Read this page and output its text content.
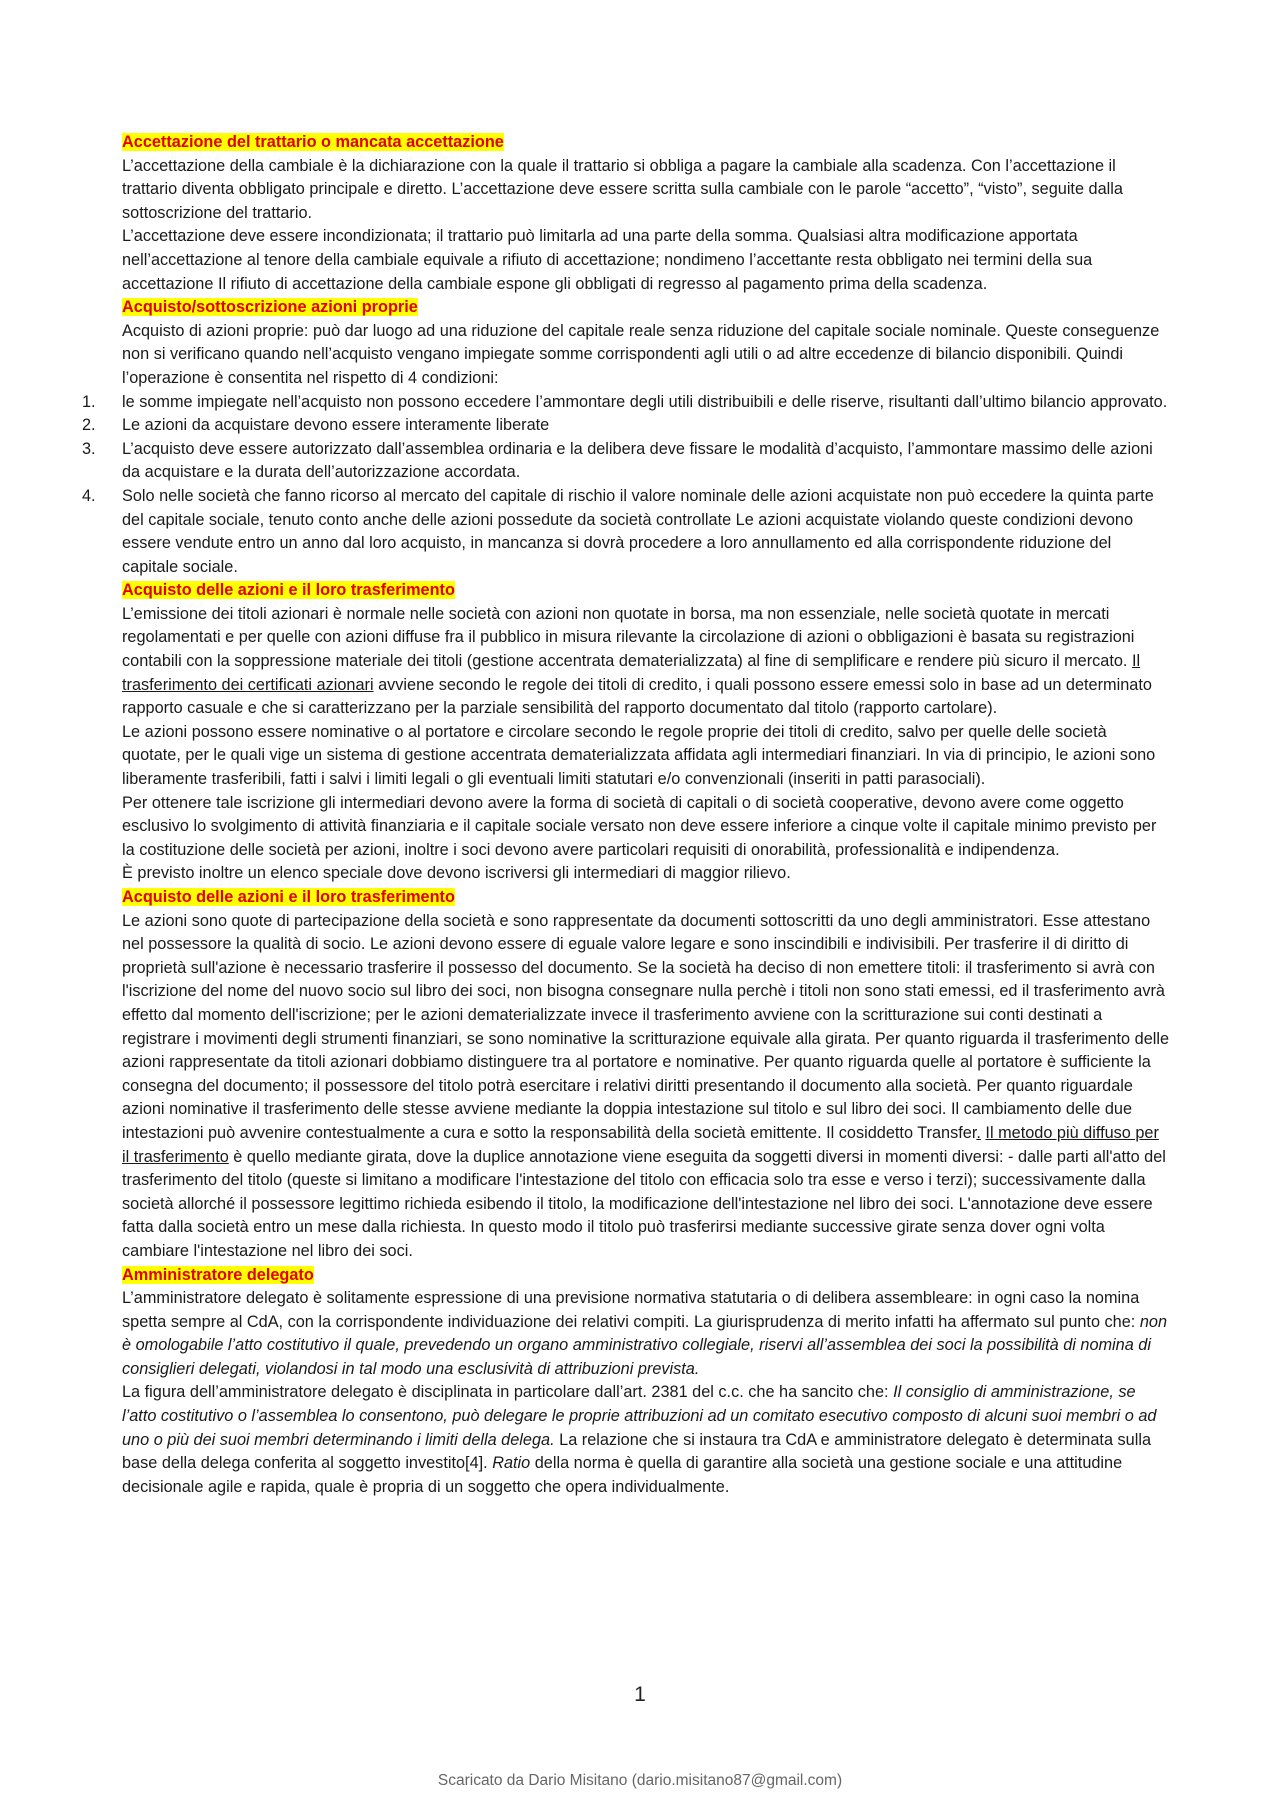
Accettazione del trattario o mancata accettazione

L’accettazione della cambiale è la dichiarazione con la quale il trattario si obbliga a pagare la cambiale alla scadenza. Con l’accettazione il trattario diventa obbligato principale e diretto. L’accettazione deve essere scritta sulla cambiale con le parole “accetto”, “visto”, seguite dalla sottoscrizione del trattario.

L’accettazione deve essere incondizionata; il trattario può limitarla ad una parte della somma. Qualsiasi altra modificazione apportata nell’accettazione al tenore della cambiale equivale a rifiuto di accettazione; nondimeno l’accettante resta obbligato nei termini della sua accettazione Il rifiuto di accettazione della cambiale espone gli obbligati di regresso al pagamento prima della scadenza.

Acquisto/sottoscrizione azioni proprie

Acquisto di azioni proprie: può dar luogo ad una riduzione del capitale reale senza riduzione del capitale sociale nominale. Queste conseguenze non si verificano quando nell’acquisto vengano impiegate somme corrispondenti agli utili o ad altre eccedenze di bilancio disponibili. Quindi l’operazione è consentita nel rispetto di 4 condizioni:

1. le somme impiegate nell’acquisto non possono eccedere l’ammontare degli utili distribuibili e delle riserve, risultanti dall’ultimo bilancio approvato.
2. Le azioni da acquistare devono essere interamente liberate
3. L’acquisto deve essere autorizzato dall’assemblea ordinaria e la delibera deve fissare le modalità d’acquisto, l’ammontare massimo delle azioni da acquistare e la durata dell’autorizzazione accordata.
4. Solo nelle società che fanno ricorso al mercato del capitale di rischio il valore nominale delle azioni acquistate non può eccedere la quinta parte del capitale sociale, tenuto conto anche delle azioni possedute da società controllate Le azioni acquistate violando queste condizioni devono essere vendute entro un anno dal loro acquisto, in mancanza si dovrà procedere a loro annullamento ed alla corrispondente riduzione del capitale sociale.

Acquisto delle azioni e il loro trasferimento

L’emissione dei titoli azionari è normale nelle società con azioni non quotate in borsa, ma non essenziale, nelle società quotate in mercati regolamentati e per quelle con azioni diffuse fra il pubblico in misura rilevante la circolazione di azioni o obbligazioni è basata su registrazioni contabili con la soppressione materiale dei titoli (gestione accentrata dematerializzata) al fine di semplificare e rendere più sicuro il mercato. Il trasferimento dei certificati azionari avviene secondo le regole dei titoli di credito, i quali possono essere emessi solo in base ad un determinato rapporto casuale e che si caratterizzano per la parziale sensibilità del rapporto documentato dal titolo (rapporto cartolare).

Le azioni possono essere nominative o al portatore e circolare secondo le regole proprie dei titoli di credito, salvo per quelle delle società quotate, per le quali vige un sistema di gestione accentrata dematerializzata affidata agli intermediari finanziari. In via di principio, le azioni sono liberamente trasferibili, fatti i salvi i limiti legali o gli eventuali limiti statutari e/o convenzionali (inseriti in patti parasociali).

Per ottenere tale iscrizione gli intermediari devono avere la forma di società di capitali o di società cooperative, devono avere come oggetto esclusivo lo svolgimento di attività finanziaria e il capitale sociale versato non deve essere inferiore a cinque volte il capitale minimo previsto per la costituzione delle società per azioni, inoltre i soci devono avere particolari requisiti di onorabilità, professionalità e indipendenza.

È previsto inoltre un elenco speciale dove devono iscriversi gli intermediari di maggior rilievo.

Acquisto delle azioni e il loro trasferimento

Le azioni sono quote di partecipazione della società e sono rappresentate da documenti sottoscritti da uno degli amministratori. Esse attestano nel possessore la qualità di socio. Le azioni devono essere di eguale valore legare e sono inscindibili e indivisibili. Per trasferire il di diritto di proprietà sull'azione è necessario trasferire il possesso del documento. Se la società ha deciso di non emettere titoli: il trasferimento si avrà con l'iscrizione del nome del nuovo socio sul libro dei soci, non bisogna consegnare nulla perchè i titoli non sono stati emessi, ed il trasferimento avrà effetto dal momento dell'iscrizione; per le azioni dematerializzate invece il trasferimento avviene con la scritturazione sui conti destinati a registrare i movimenti degli strumenti finanziari, se sono nominative la scritturazione equivale alla girata. Per quanto riguarda il trasferimento delle azioni rappresentate da titoli azionari dobbiamo distinguere tra al portatore e nominative. Per quanto riguarda quelle al portatore è sufficiente la consegna del documento; il possessore del titolo potrà esercitare i relativi diritti presentando il documento alla società. Per quanto riguardale azioni nominative il trasferimento delle stesse avviene mediante la doppia intestazione sul titolo e sul libro dei soci. Il cambiamento delle due intestazioni può avvenire contestualmente a cura e sotto la responsabilità della società emittente. Il cosiddetto Transfer. Il metodo più diffuso per il trasferimento è quello mediante girata, dove la duplice annotazione viene eseguita da soggetti diversi in momenti diversi: - dalle parti all'atto del trasferimento del titolo (queste si limitano a modificare l'intestazione del titolo con efficacia solo tra esse e verso i terzi); successivamente dalla società allorché il possessore legittimo richieda esibendo il titolo, la modificazione dell'intestazione nel libro dei soci. L'annotazione deve essere fatta dalla società entro un mese dalla richiesta. In questo modo il titolo può trasferirsi mediante successive girate senza dover ogni volta cambiare l'intestazione nel libro dei soci.

Amministratore delegato

L’amministratore delegato è solitamente espressione di una previsione normativa statutaria o di delibera assembleare: in ogni caso la nomina spetta sempre al CdA, con la corrispondente individuazione dei relativi compiti. La giurisprudenza di merito infatti ha affermato sul punto che: non è omologabile l’atto costitutivo il quale, prevedendo un organo amministrativo collegiale, riservi all’assemblea dei soci la possibilità di nomina di consiglieri delegati, violandosi in tal modo una esclusività di attribuzioni prevista.

La figura dell’amministratore delegato è disciplinata in particolare dall’art. 2381 del c.c. che ha sancito che: Il consiglio di amministrazione, se l’atto costitutivo o l’assemblea lo consentono, può delegare le proprie attribuzioni ad un comitato esecutivo composto di alcuni suoi membri o ad uno o più dei suoi membri determinando i limiti della delega. La relazione che si instaura tra CdA e amministratore delegato è determinata sulla base della delega conferita al soggetto investito[4]. Ratio della norma è quella di garantire alla società una gestione sociale e una attitudine decisionale agile e rapida, quale è propria di un soggetto che opera individualmente.

1
Scaricato da Dario Misitano (dario.misitano87@gmail.com)
